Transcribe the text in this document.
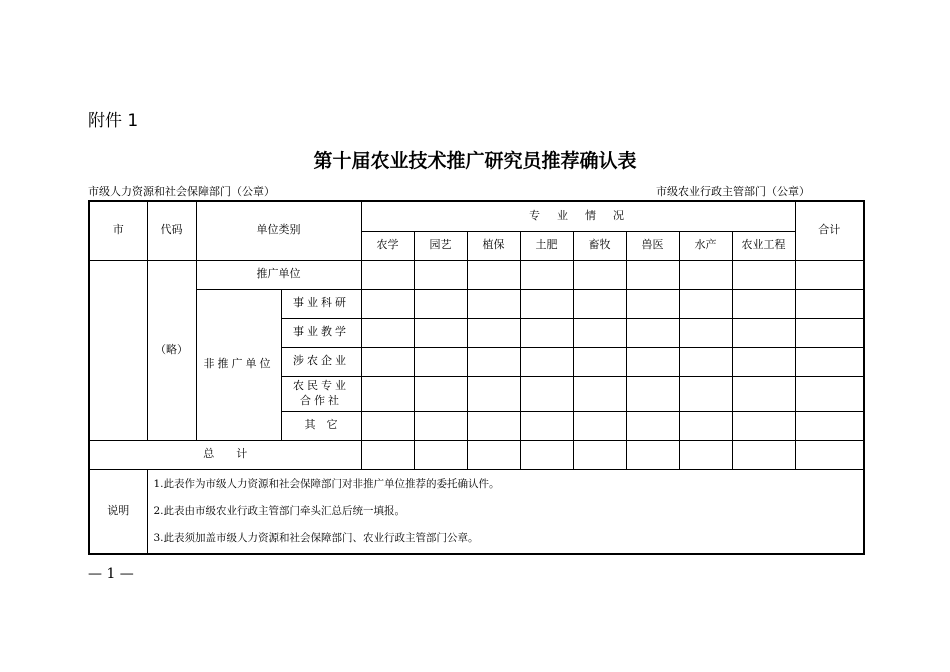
附件 1
第十届农业技术推广研究员推荐确认表
市级人力资源和社会保障部门（公章）	市级农业行政主管部门（公章）
市	代码	单位类别		专　业　情　况								合计
				农学	园艺	植保	土肥	畜牧	兽医	水产	农业工程	
	（略）	推广单位										
		非推广单位	事业科研									
			事业教学									
			涉农企业									

			农民专业
合作社									

			其　它									
总　　计												
说明	1.此表作为市级人力资源和社会保障部门对非推广单位推荐的委托确认件。
2.此表由市级农业行政主管部门牵头汇总后统一填报。
3.此表须加盖市级人力资源和社会保障部门、农业行政主管部门公章。											
— 1 —
